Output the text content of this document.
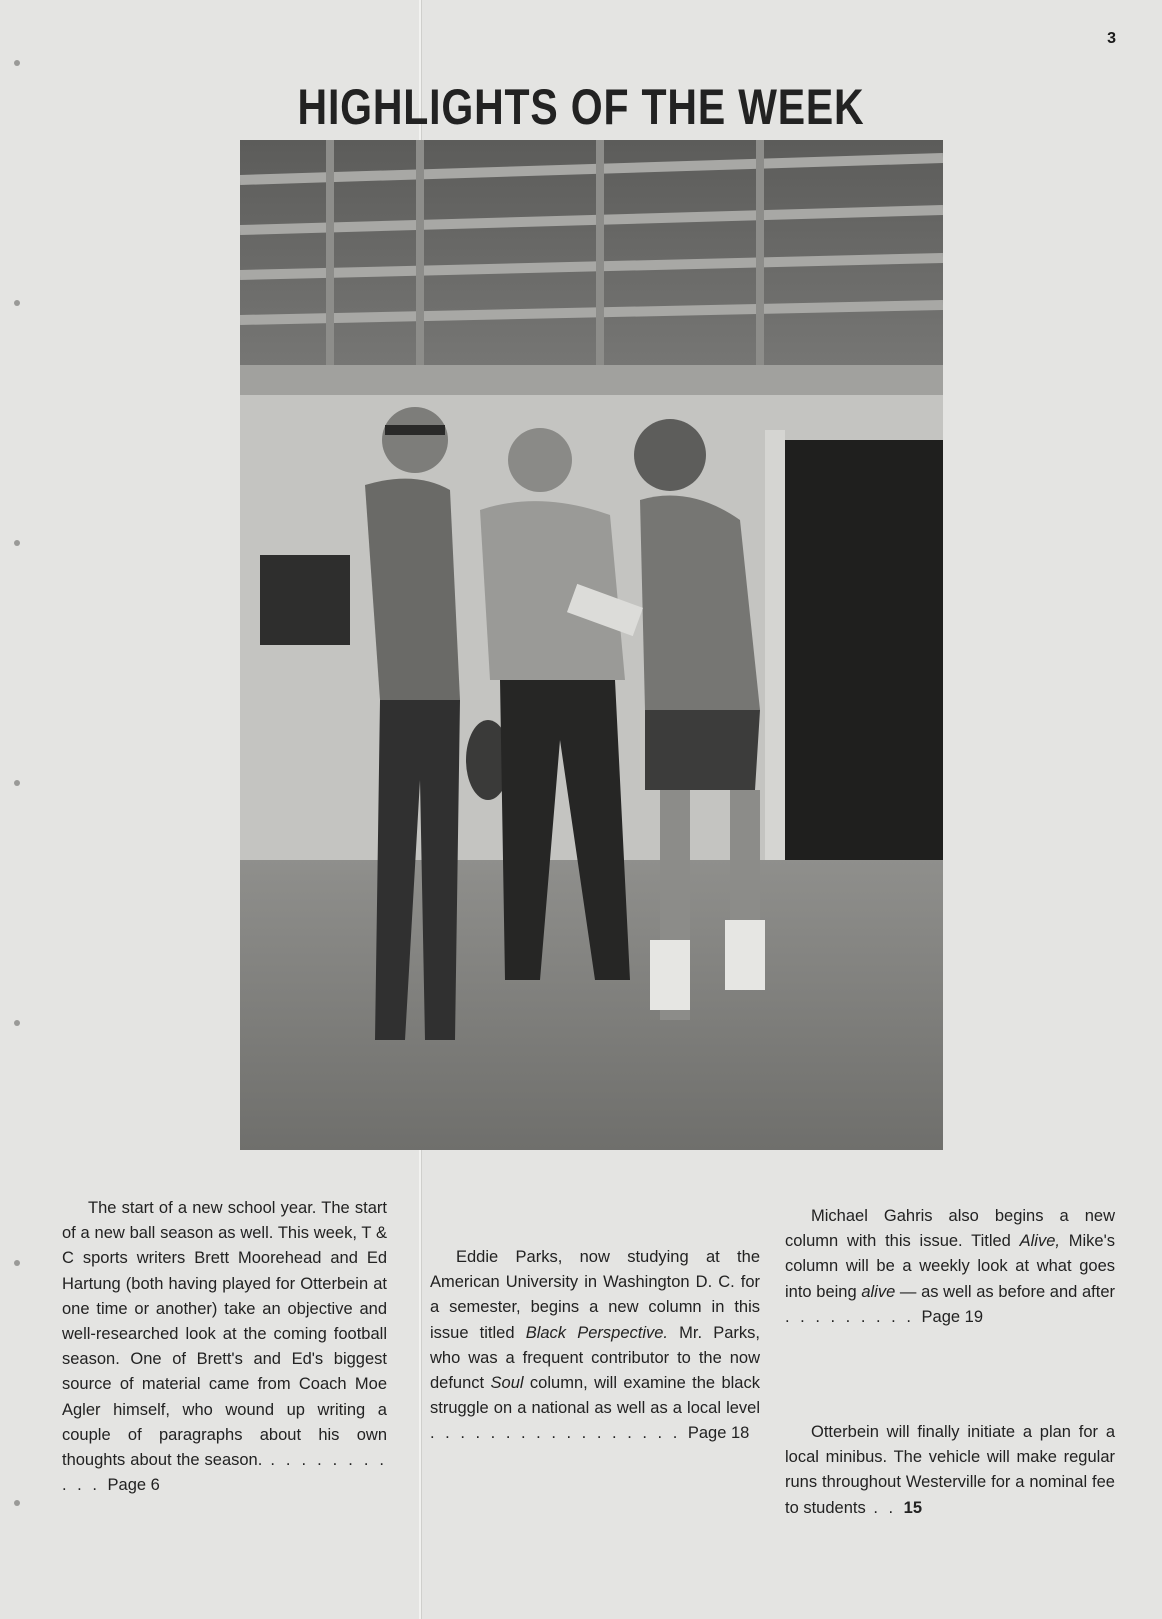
3
HIGHLIGHTS OF THE WEEK

The start of a new school year. The start of a new ball season as well. This week, T & C sports writers Brett Moorehead and Ed Hartung (both having played for Otterbein at one time or another) take an objective and well-researched look at the coming football season. One of Brett's and Ed's biggest source of material came from Coach Moe Agler himself, who wound up writing a couple of paragraphs about his own thoughts about the season. . . . . . . . . . . . Page 6

Eddie Parks, now studying at the American University in Washington D. C. for a semester, begins a new column in this issue titled Black Perspective. Mr. Parks, who was a frequent contributor to the now defunct Soul column, will examine the black struggle on a national as well as a local level . . . . . . . . . . . . . . . . . Page 18

Michael Gahris also begins a new column with this issue. Titled Alive, Mike's column will be a weekly look at what goes into being alive — as well as before and after . . . . . . . . . Page 19

Otterbein will finally initiate a plan for a local minibus. The vehicle will make regular runs throughout Westerville for a nominal fee to students . . 15
